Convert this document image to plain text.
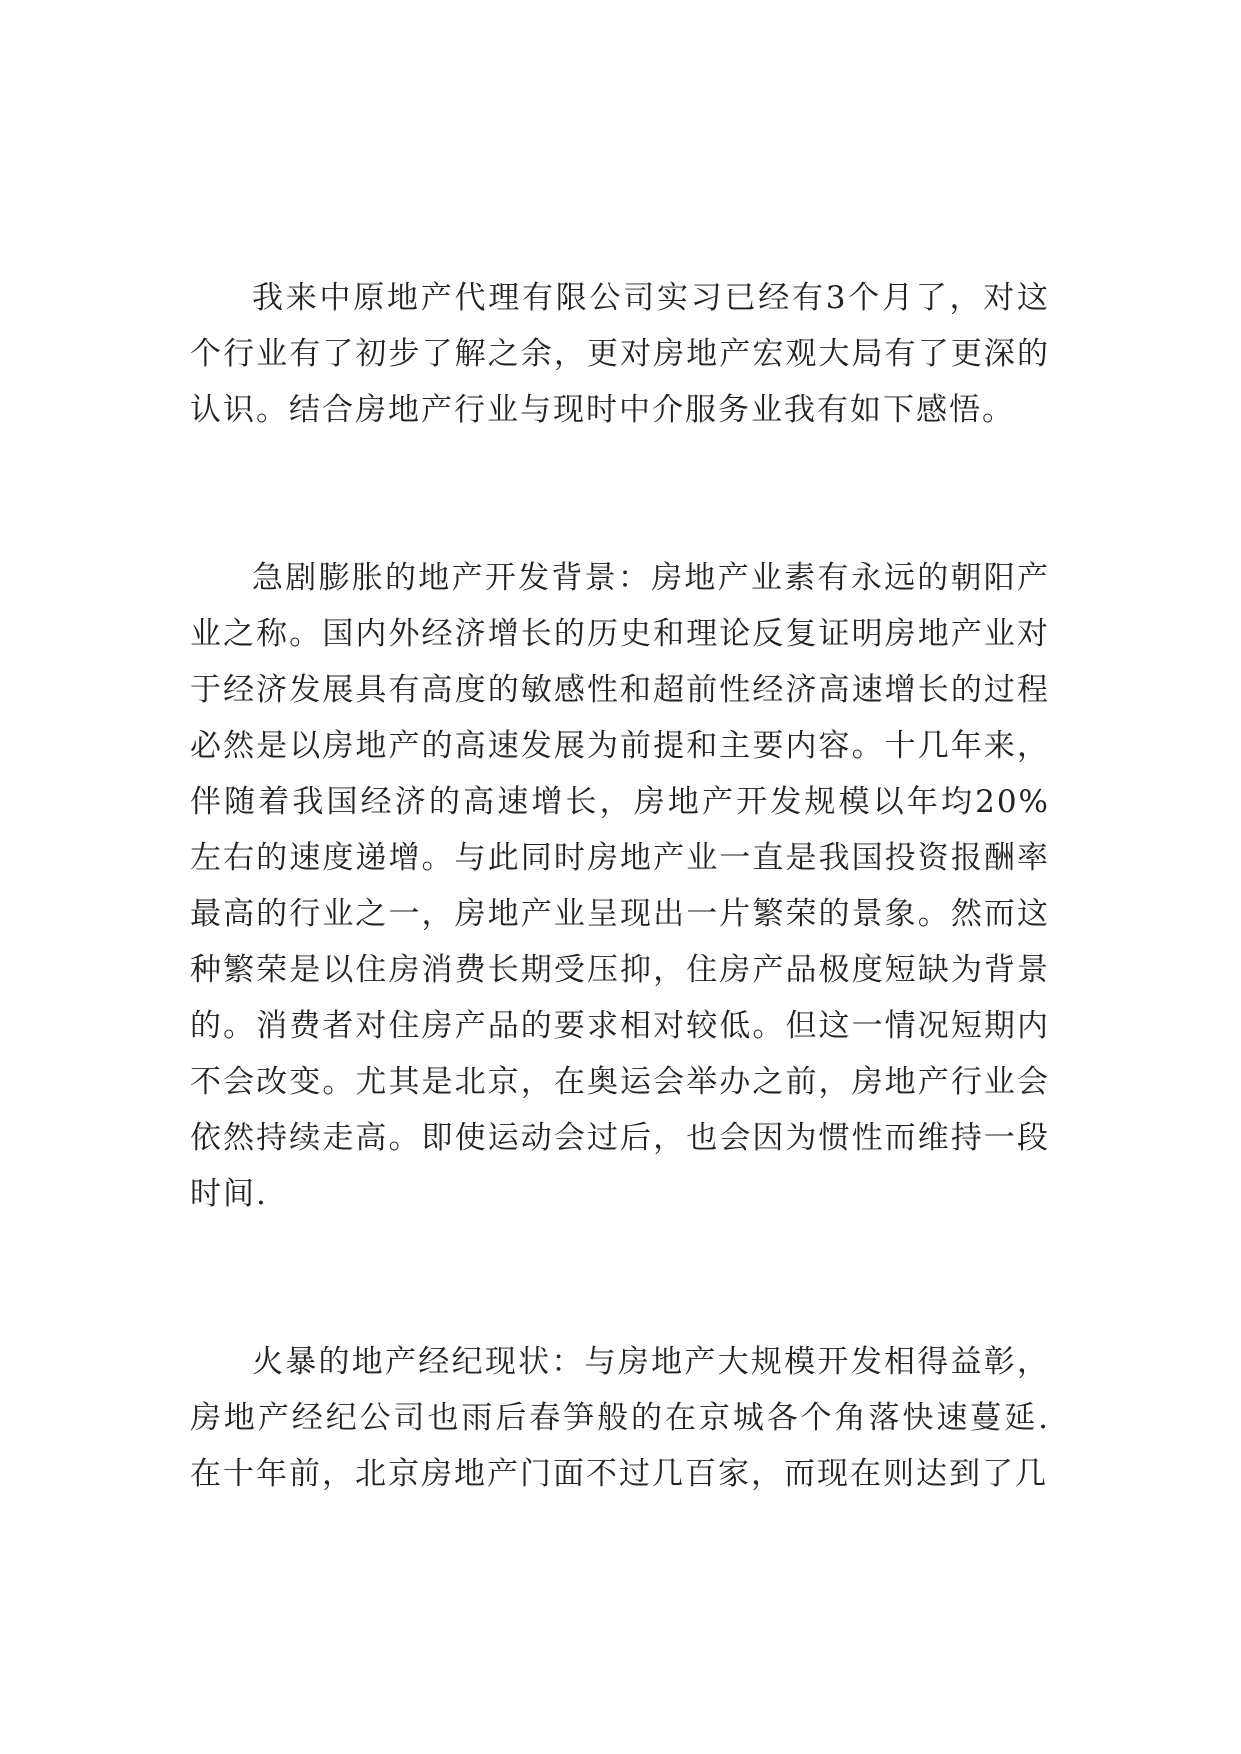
我来中原地产代理有限公司实习已经有3个月了，对这个行业有了初步了解之余，更对房地产宏观大局有了更深的认识。结合房地产行业与现时中介服务业我有如下感悟。

急剧膨胀的地产开发背景：房地产业素有永远的朝阳产业之称。国内外经济增长的历史和理论反复证明房地产业对于经济发展具有高度的敏感性和超前性经济高速增长的过程必然是以房地产的高速发展为前提和主要内容。十几年来，伴随着我国经济的高速增长，房地产开发规模以年均20%左右的速度递增。与此同时房地产业一直是我国投资报酬率最高的行业之一，房地产业呈现出一片繁荣的景象。然而这种繁荣是以住房消费长期受压抑，住房产品极度短缺为背景的。消费者对住房产品的要求相对较低。但这一情况短期内不会改变。尤其是北京，在奥运会举办之前，房地产行业会依然持续走高。即使运动会过后，也会因为惯性而维持一段时间.

火暴的地产经纪现状：与房地产大规模开发相得益彰，房地产经纪公司也雨后春笋般的在京城各个角落快速蔓延.在十年前，北京房地产门面不过几百家，而现在则达到了几
